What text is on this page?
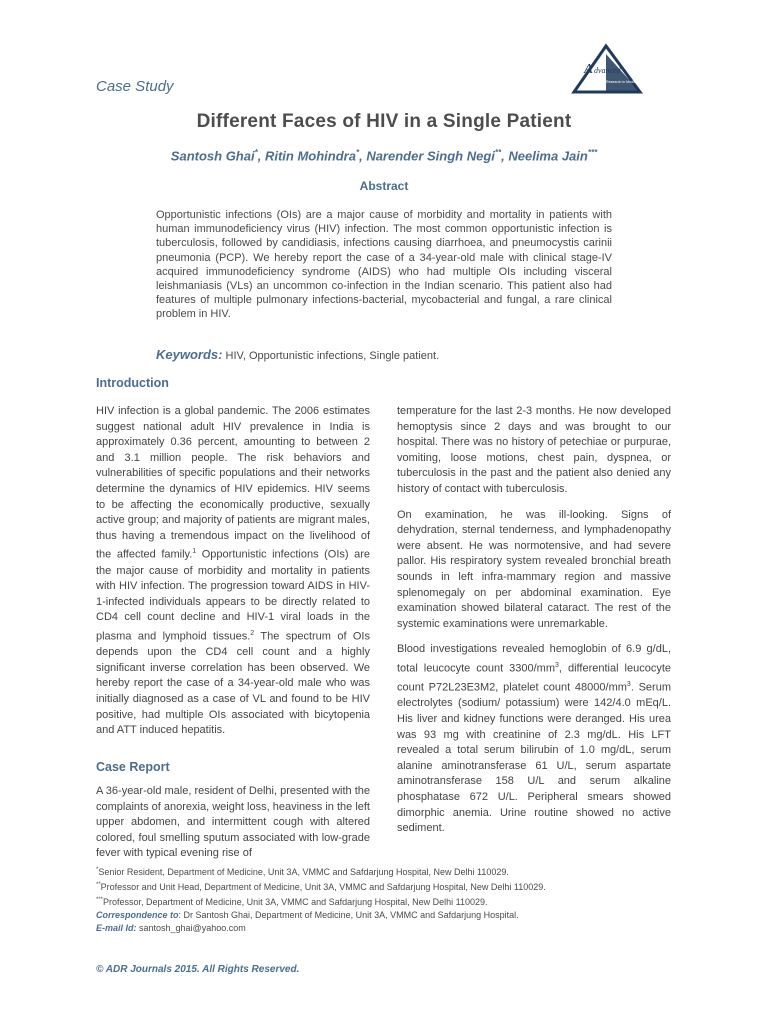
Case Study
A dvanced
Research in Medicine
Different Faces of HIV in a Single Patient
Santosh Ghai*, Ritin Mohindra*, Narender Singh Negi**, Neelima Jain***
Abstract
Opportunistic infections (OIs) are a major cause of morbidity and mortality in patients with human immunodeficiency virus (HIV) infection. The most common opportunistic infection is tuberculosis, followed by candidiasis, infections causing diarrhoea, and pneumocystis carinii pneumonia (PCP). We hereby report the case of a 34-year-old male with clinical stage-IV acquired immunodeficiency syndrome (AIDS) who had multiple OIs including visceral leishmaniasis (VLs) an uncommon co-infection in the Indian scenario. This patient also had features of multiple pulmonary infections-bacterial, mycobacterial and fungal, a rare clinical problem in HIV.
Keywords: HIV, Opportunistic infections, Single patient.
Introduction

HIV infection is a global pandemic. The 2006 estimates suggest national adult HIV prevalence in India is approximately 0.36 percent, amounting to between 2 and 3.1 million people. The risk behaviors and vulnerabilities of specific populations and their networks determine the dynamics of HIV epidemics. HIV seems to be affecting the economically productive, sexually active group; and majority of patients are migrant males, thus having a tremendous impact on the livelihood of the affected family.$^1$ Opportunistic infections (OIs) are the major cause of morbidity and mortality in patients with HIV infection. The progression toward AIDS in HIV-1-infected individuals appears to be directly related to CD4 cell count decline and HIV-1 viral loads in the plasma and lymphoid tissues.$^2$ The spectrum of OIs depends upon the CD4 cell count and a highly significant inverse correlation has been observed. We hereby report the case of a 34-year-old male who was initially diagnosed as a case of VL and found to be HIV positive, had multiple OIs associated with bicytopenia and ATT induced hepatitis.

Case Report

A 36-year-old male, resident of Delhi, presented with the complaints of anorexia, weight loss, heaviness in the left upper abdomen, and intermittent cough with altered colored, foul smelling sputum associated with low-grade fever with typical evening rise of

temperature for the last 2-3 months. He now developed hemoptysis since 2 days and was brought to our hospital. There was no history of petechiae or purpurae, vomiting, loose motions, chest pain, dyspnea, or tuberculosis in the past and the patient also denied any history of contact with tuberculosis.

On examination, he was ill-looking. Signs of dehydration, sternal tenderness, and lymphadenopathy were absent. He was normotensive, and had severe pallor. His respiratory system revealed bronchial breath sounds in left infra-mammary region and massive splenomegaly on per abdominal examination. Eye examination showed bilateral cataract. The rest of the systemic examinations were unremarkable.

Blood investigations revealed hemoglobin of 6.9 g/dL, total leucocyte count $3300/mm^3$, differential leucocyte count P72L23E3M2, platelet count $48000/mm^3$. Serum electrolytes (sodium/ potassium) were 142/4.0 mEq/L. His liver and kidney functions were deranged. His urea was 93 mg with creatinine of 2.3 mg/dL. His LFT revealed a total serum bilirubin of 1.0 mg/dL, serum alanine aminotransferase 61 U/L, serum aspartate aminotransferase 158 U/L and serum alkaline phosphatase 672 U/L. Peripheral smears showed dimorphic anemia. Urine routine showed no active sediment.

*Senior Resident, Department of Medicine, Unit 3A, VMMC and Safdarjung Hospital, New Delhi 110029.
**Professor and Unit Head, Department of Medicine, Unit 3A, VMMC and Safdarjung Hospital, New Delhi 110029.
***Professor, Department of Medicine, Unit 3A, VMMC and Safdarjung Hospital, New Delhi 110029.
Correspondence to: Dr Santosh Ghai, Department of Medicine, Unit 3A, VMMC and Safdarjung Hospital.
E-mail Id: santosh_ghai@yahoo.com
© ADR Journals 2015. All Rights Reserved.
